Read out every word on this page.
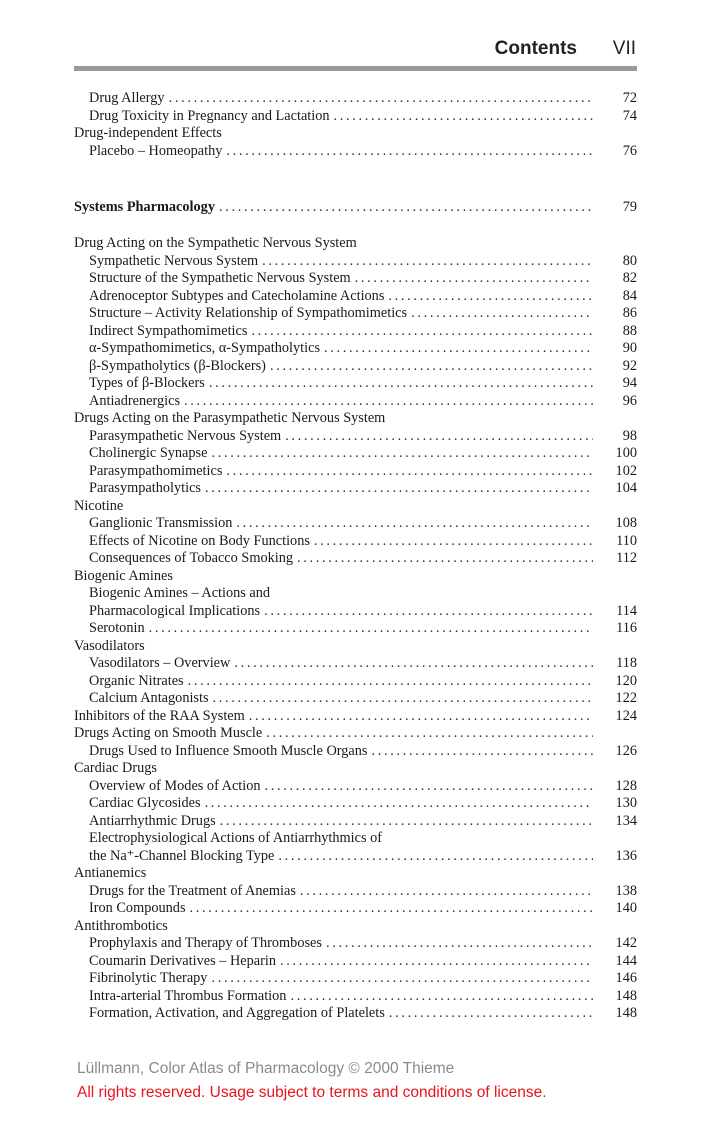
Contents VII
Drug Allergy . . .	72
Drug Toxicity in Pregnancy and Lactation . . .	74
Drug-independent Effects
Placebo – Homeopathy . . .	76
Systems Pharmacology . . .	79
Drug Acting on the Sympathetic Nervous System
Sympathetic Nervous System . . .	80
Structure of the Sympathetic Nervous System . . .	82
Adrenoceptor Subtypes and Catecholamine Actions . . .	84
Structure – Activity Relationship of Sympathomimetics . . .	86
Indirect Sympathomimetics . . .	88
α-Sympathomimetics, α-Sympatholytics . . .	90
β-Sympatholytics (β-Blockers) . . .	92
Types of β-Blockers . . .	94
Antiadrenergics . . .	96
Drugs Acting on the Parasympathetic Nervous System
Parasympathetic Nervous System . . .	98
Cholinergic Synapse . . .	100
Parasympathomimetics . . .	102
Parasympatholytics . . .	104
Nicotine
Ganglionic Transmission . . .	108
Effects of Nicotine on Body Functions . . .	110
Consequences of Tobacco Smoking . . .	112
Biogenic Amines
Biogenic Amines – Actions and
Pharmacological Implications . . .	114
Serotonin . . .	116
Vasodilators
Vasodilators – Overview . . .	118
Organic Nitrates . . .	120
Calcium Antagonists . . .	122
Inhibitors of the RAA System . . .	124
Drugs Acting on Smooth Muscle
. . .
Drugs Used to Influence Smooth Muscle Organs . . .	126
Cardiac Drugs
Overview of Modes of Action . . .	128
Cardiac Glycosides . . .	130
Antiarrhythmic Drugs . . .	134
Electrophysiological Actions of Antiarrhythmics of
the Na⁺-Channel Blocking Type . . .	136
Antianemics
Drugs for the Treatment of Anemias . . .	138
Iron Compounds . . .	140
Antithrombotics
Prophylaxis and Therapy of Thromboses . . .	142
Coumarin Derivatives – Heparin . . .	144
Fibrinolytic Therapy . . .	146
Intra-arterial Thrombus Formation . . .	148
Formation, Activation, and Aggregation of Platelets . . .	148
Lüllmann, Color Atlas of Pharmacology © 2000 Thieme
All rights reserved. Usage subject to terms and conditions of license.
